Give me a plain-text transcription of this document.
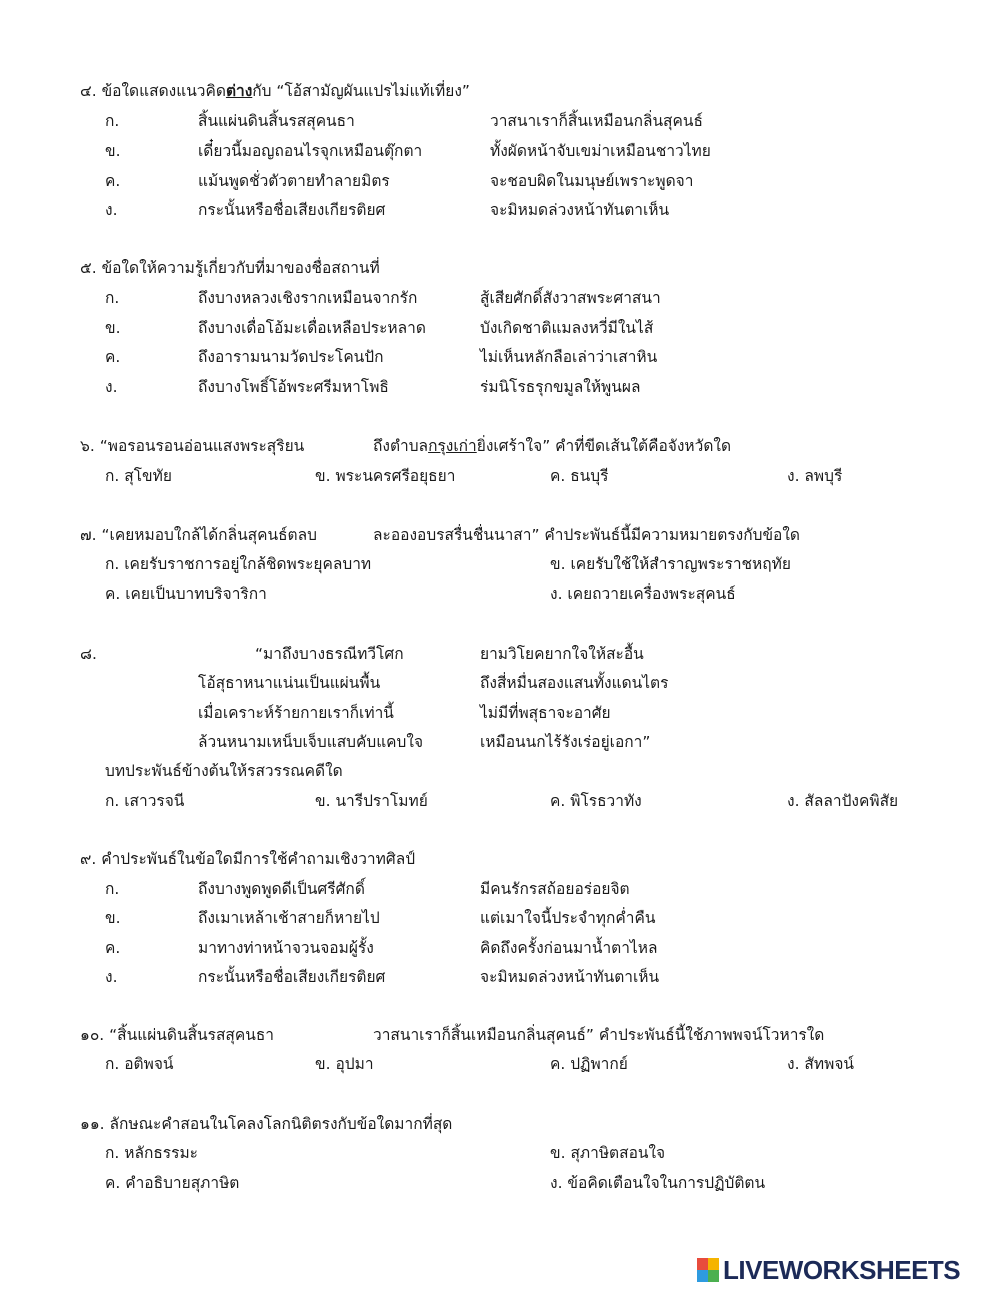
๔. ข้อใดแสดงแนวคิดต่างกับ “โอ้สามัญผันแปรไม่แท้เที่ยง”
ก.	สิ้นแผ่นดินสิ้นรสสุคนธา	วาสนาเราก็สิ้นเหมือนกลิ่นสุคนธ์
ข.	เดี๋ยวนี้มอญถอนไรจุกเหมือนตุ๊กตา	ทั้งผัดหน้าจับเขม่าเหมือนชาวไทย
ค.	แม้นพูดชั่วตัวตายทำลายมิตร	จะชอบผิดในมนุษย์เพราะพูดจา
ง.	กระนั้นหรือชื่อเสียงเกียรติยศ	จะมิหมดล่วงหน้าทันตาเห็น
๕. ข้อใดให้ความรู้เกี่ยวกับที่มาของชื่อสถานที่
ก.	ถึงบางหลวงเชิงรากเหมือนจากรัก	สู้เสียศักดิ์สังวาสพระศาสนา
ข.	ถึงบางเดื่อโอ้มะเดื่อเหลือประหลาด	บังเกิดชาติแมลงหวี่มีในไส้
ค.	ถึงอารามนามวัดประโคนปัก	ไม่เห็นหลักลือเล่าว่าเสาหิน
ง.	ถึงบางโพธิ์โอ้พระศรีมหาโพธิ	ร่มนิโรธรุกขมูลให้พูนผล
๖. “พอรอนรอนอ่อนแสงพระสุริยน	ถึงตำบลกรุงเก่ายิ่งเศร้าใจ” คำที่ขีดเส้นใต้คือจังหวัดใด
ก. สุโขทัย	ข. พระนครศรีอยุธยา	ค. ธนบุรี	ง. ลพบุรี
๗. “เคยหมอบใกล้ได้กลิ่นสุคนธ์ตลบ	ละอองอบรสรื่นชื่นนาสา” คำประพันธ์นี้มีความหมายตรงกับข้อใด
ก. เคยรับราชการอยู่ใกล้ชิดพระยุคลบาท	ข. เคยรับใช้ให้สำราญพระราชหฤทัย
ค. เคยเป็นบาทบริจาริกา	ง. เคยถวายเครื่องพระสุคนธ์
๘.	“มาถึงบางธรณีทวีโศก	ยามวิโยคยากใจให้สะอื้น
โอ้สุธาหนาแน่นเป็นแผ่นพื้น	ถึงสี่หมื่นสองแสนทั้งแดนไตร
เมื่อเคราะห์ร้ายกายเราก็เท่านี้	ไม่มีที่พสุธาจะอาศัย
ล้วนหนามเหน็บเจ็บแสบคับแคบใจ	เหมือนนกไร้รังเร่อยู่เอกา”
บทประพันธ์ข้างต้นให้รสวรรณคดีใด
ก. เสาวรจนี	ข. นารีปราโมทย์	ค. พิโรธวาทัง	ง. สัลลาปังคพิสัย
๙. คำประพันธ์ในข้อใดมีการใช้คำถามเชิงวาทศิลป์
ก.	ถึงบางพูดพูดดีเป็นศรีศักดิ์	มีคนรักรสถ้อยอร่อยจิต
ข.	ถึงเมาเหล้าเช้าสายก็หายไป	แต่เมาใจนี้ประจำทุกค่ำคืน
ค.	มาทางท่าหน้าจวนจอมผู้รั้ง	คิดถึงครั้งก่อนมาน้ำตาไหล
ง.	กระนั้นหรือชื่อเสียงเกียรติยศ	จะมิหมดล่วงหน้าทันตาเห็น
๑๐. “สิ้นแผ่นดินสิ้นรสสุคนธา	วาสนาเราก็สิ้นเหมือนกลิ่นสุคนธ์” คำประพันธ์นี้ใช้ภาพพจน์โวหารใด
ก. อติพจน์	ข. อุปมา	ค. ปฏิพากย์	ง. สัทพจน์
๑๑. ลักษณะคำสอนในโคลงโลกนิติตรงกับข้อใดมากที่สุด
ก. หลักธรรมะ	ข. สุภาษิตสอนใจ
ค. คำอธิบายสุภาษิต	ง. ข้อคิดเตือนใจในการปฏิบัติตน
LIVEWORKSHEETS
